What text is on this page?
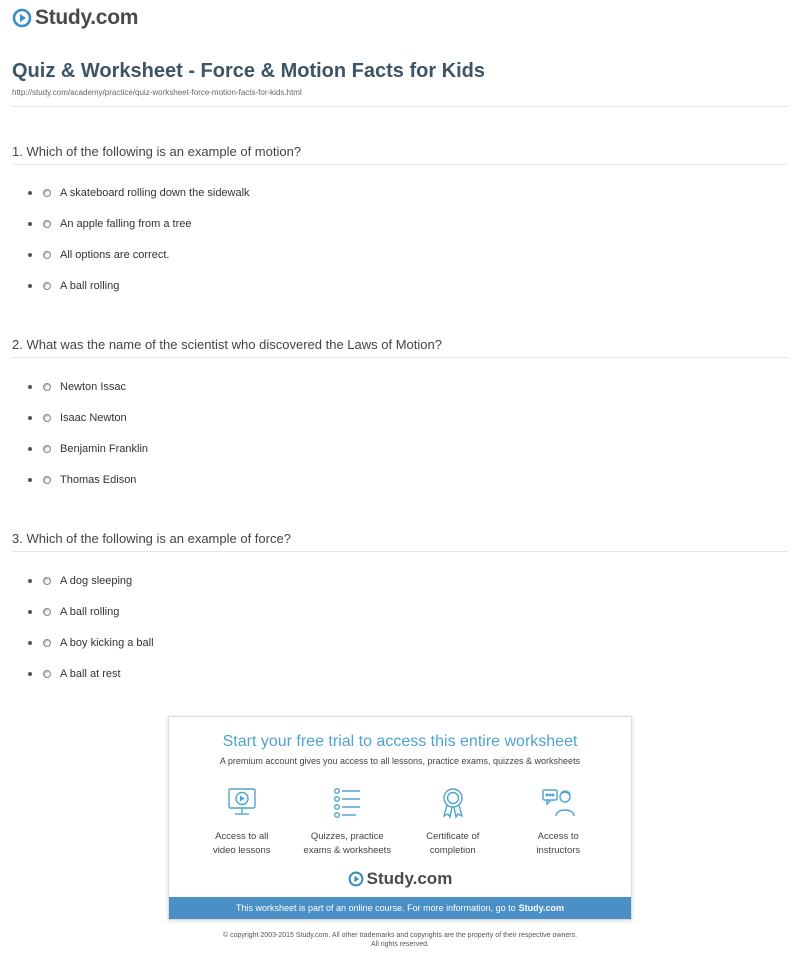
Study.com
Quiz & Worksheet - Force & Motion Facts for Kids
http://study.com/academy/practice/quiz-worksheet-force-motion-facts-for-kids.html
1. Which of the following is an example of motion?
A skateboard rolling down the sidewalk
An apple falling from a tree
All options are correct.
A ball rolling
2. What was the name of the scientist who discovered the Laws of Motion?
Newton Issac
Isaac Newton
Benjamin Franklin
Thomas Edison
3. Which of the following is an example of force?
A dog sleeping
A ball rolling
A boy kicking a ball
A ball at rest
Start your free trial to access this entire worksheet
A premium account gives you access to all lessons, practice exams, quizzes & worksheets
Access to all
video lessons
Quizzes, practice
exams & worksheets
Certificate of
completion
Access to
instructors
Study.com
This worksheet is part of an online course. For more information, go to Study.com
© copyright 2003-2015 Study.com. All other trademarks and copyrights are the property of their respective owners.
All rights reserved.
